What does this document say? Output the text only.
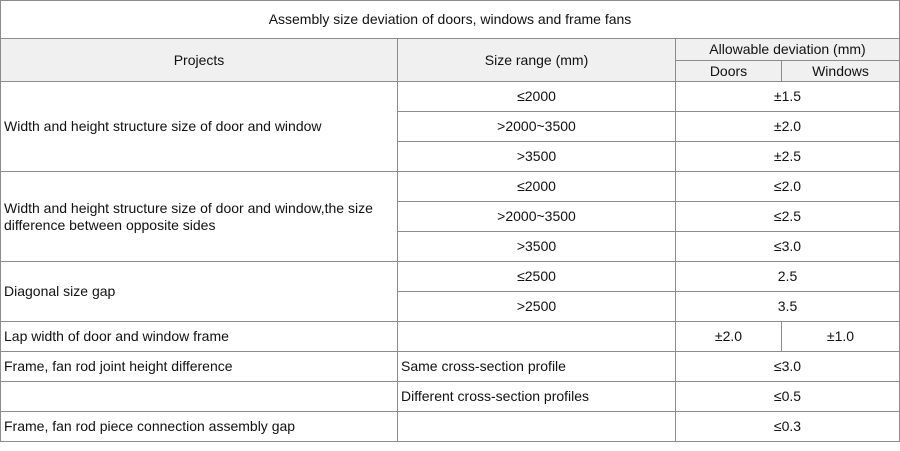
Assembly size deviation of doors, windows and frame fans			
Projects	Size range (mm)	Allowable deviation (mm)	
		Doors	Windows
Width and height structure size of door and window	≤2000	±1.5	
	>2000~3500	±2.0	
	>3500	±2.5	
Width and height structure size of door and window,the size difference between opposite sides	≤2000	≤2.0	
	>2000~3500	≤2.5	
	>3500	≤3.0	
Diagonal size gap	≤2500	2.5	
	>2500	3.5	
Lap width of door and window frame		±2.0	±1.0
Frame, fan rod joint height difference	Same cross-section profile	≤3.0	
	Different cross-section profiles	≤0.5	
Frame, fan rod piece connection assembly gap		≤0.3	
